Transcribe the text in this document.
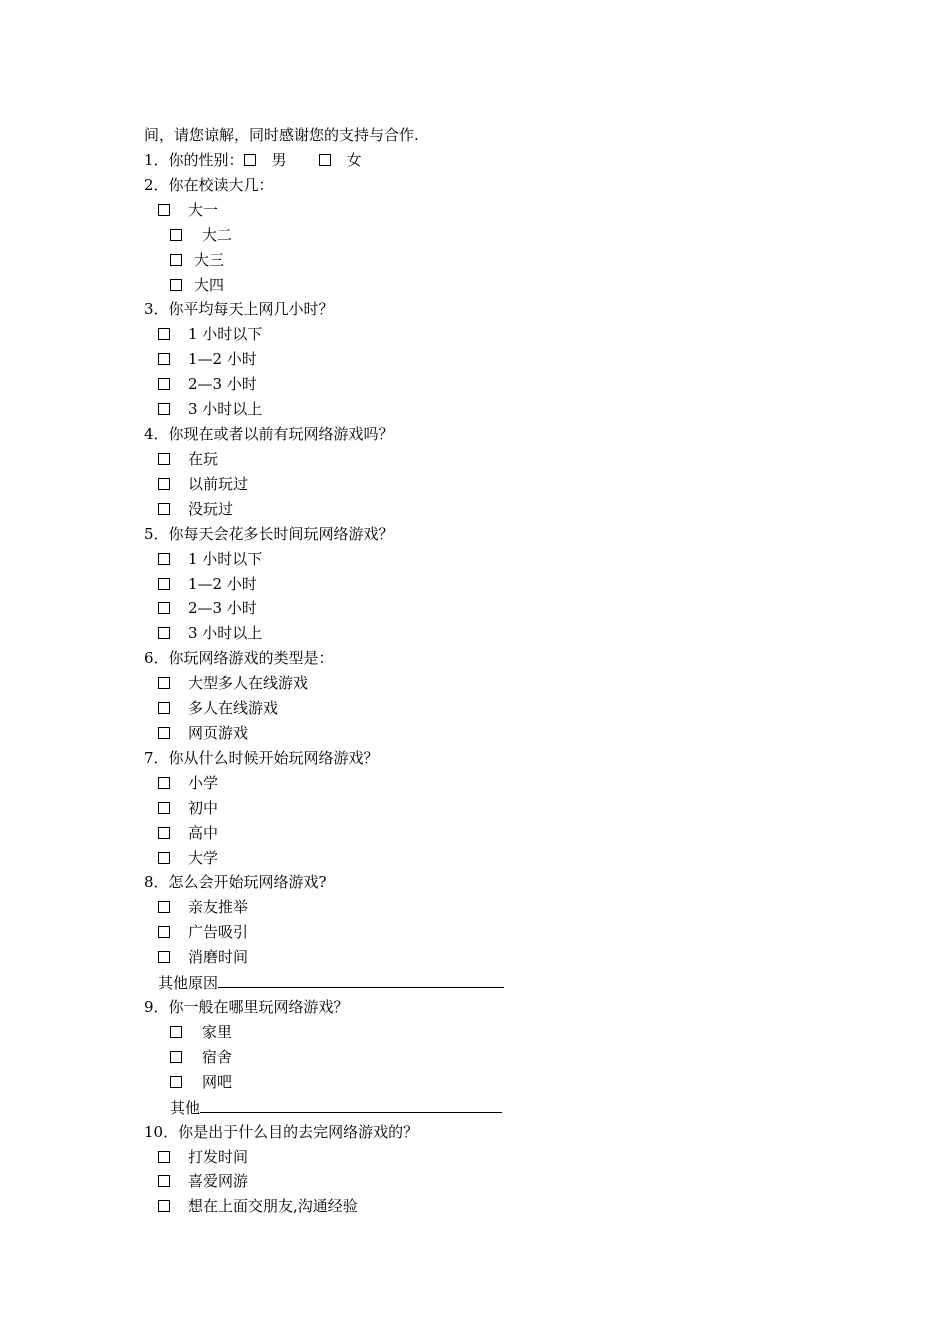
间，请您谅解，同时感谢您的支持与合作.
1．你的性别： 男	女
2．你在校读大几：
大一
大二
大三
大四
3．你平均每天上网几小时？
1 小时以下
1—2 小时
2—3 小时
3 小时以上
4．你现在或者以前有玩网络游戏吗？
在玩
以前玩过
没玩过
5．你每天会花多长时间玩网络游戏？
1 小时以下
1—2 小时
2—3 小时
3 小时以上
6．你玩网络游戏的类型是：
大型多人在线游戏
多人在线游戏
网页游戏
7．你从什么时候开始玩网络游戏？
小学
初中
高中
大学
8．怎么会开始玩网络游戏?
亲友推举
广告吸引
消磨时间
其他原因
9．你一般在哪里玩网络游戏？
家里
宿舍
网吧
其他
10．你是出于什么目的去完网络游戏的？
打发时间
喜爱网游
想在上面交朋友,沟通经验
